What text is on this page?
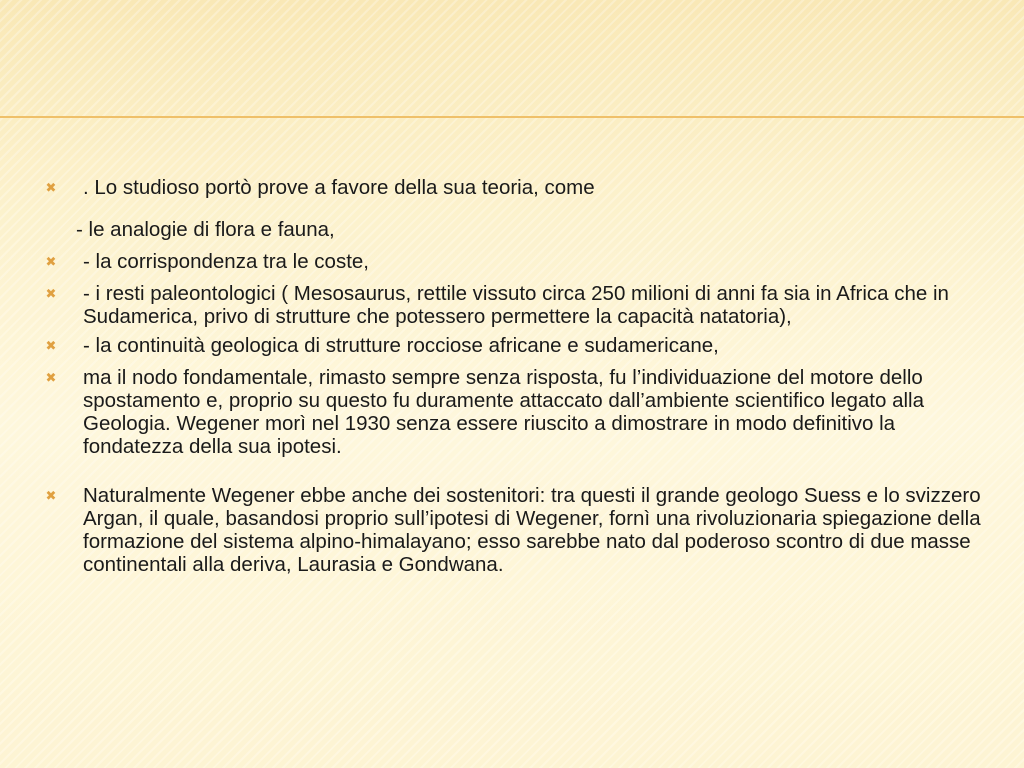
✖ . Lo studioso portò prove a favore della sua teoria, come

- le analogie di flora e fauna,

✖ - la corrispondenza tra le coste,

✖ - i resti paleontologici ( Mesosaurus, rettile vissuto circa 250 milioni di anni fa sia in Africa che in Sudamerica, privo di strutture che potessero permettere la capacità natatoria),

✖ - la continuità geologica di strutture rocciose africane e sudamericane,

✖ ma il nodo fondamentale, rimasto sempre senza risposta, fu l’individuazione del motore dello spostamento e, proprio su questo fu duramente attaccato dall’ambiente scientifico legato alla Geologia. Wegener morì nel 1930 senza essere riuscito a dimostrare in modo definitivo la fondatezza della sua ipotesi.

✖ Naturalmente Wegener ebbe anche dei sostenitori: tra questi il grande geologo Suess e lo svizzero Argan, il quale, basandosi proprio sull’ipotesi di Wegener, fornì una rivoluzionaria spiegazione della formazione del sistema alpino-himalayano; esso sarebbe nato dal poderoso scontro di due masse continentali alla deriva, Laurasia e Gondwana.
